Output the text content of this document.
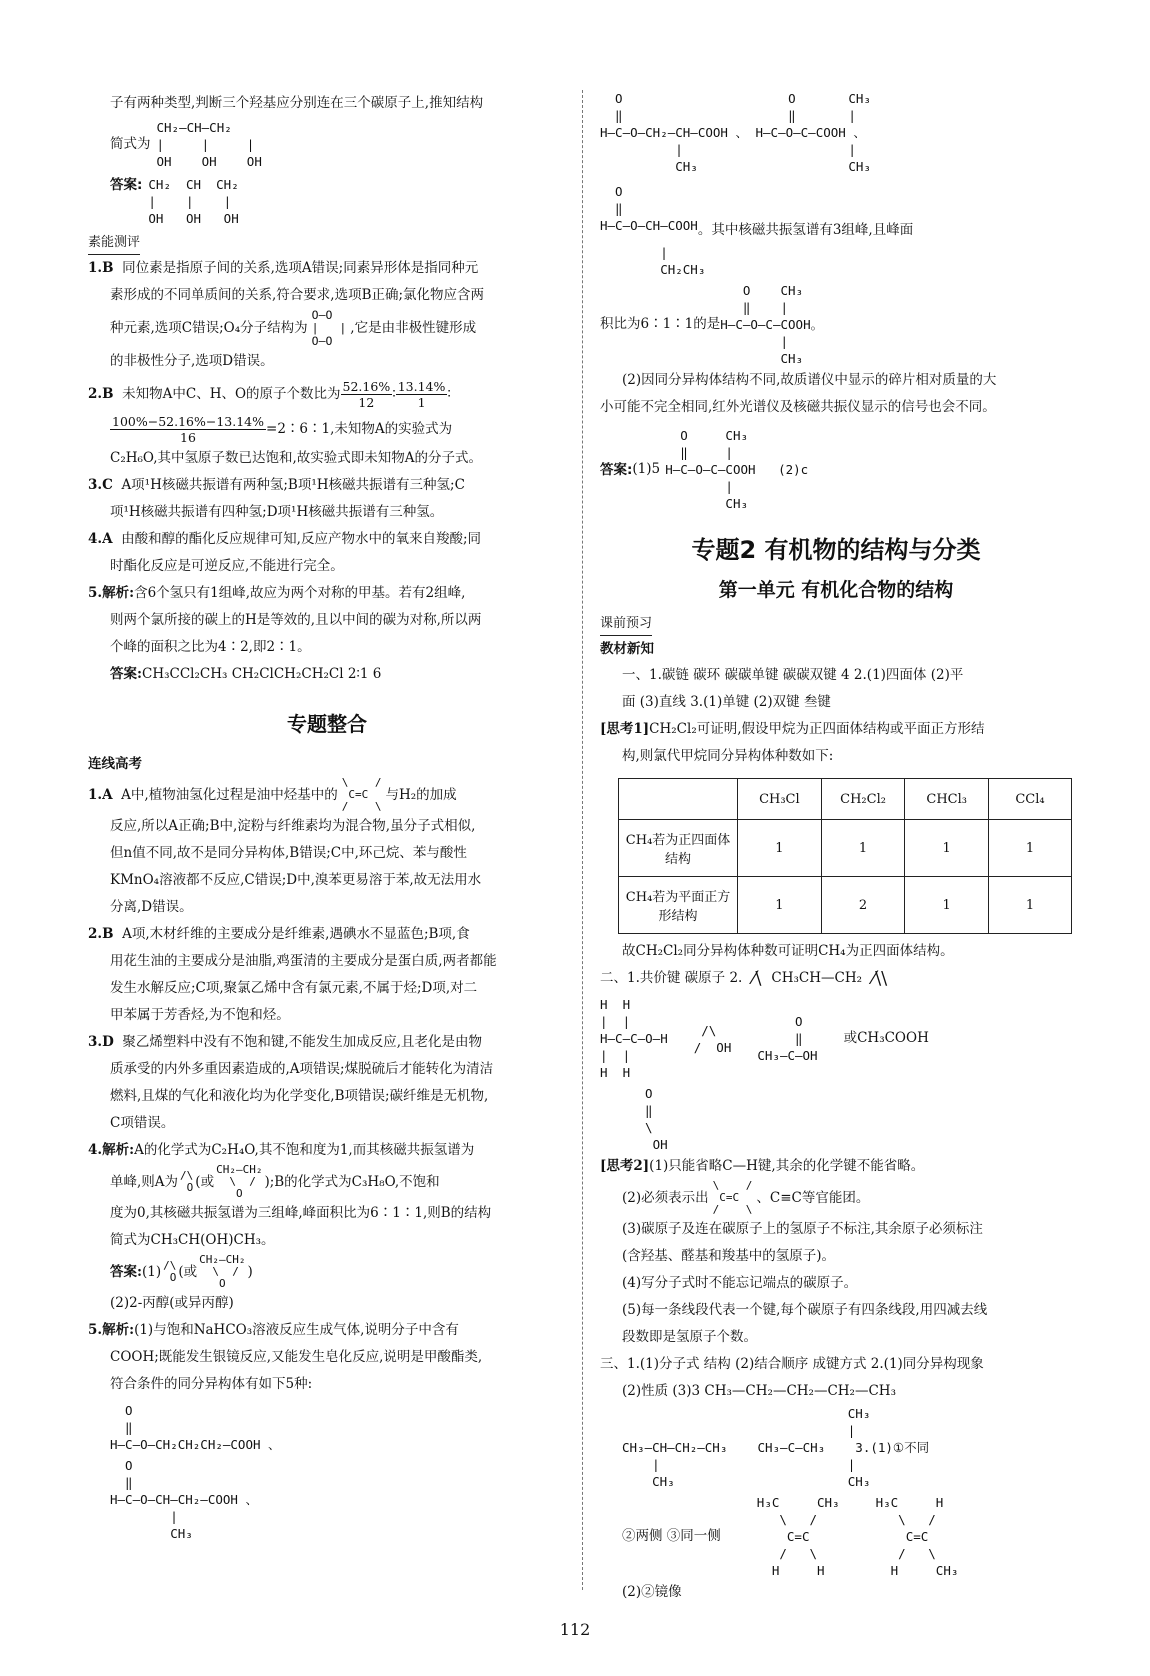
子有两种类型,判断三个羟基应分别连在三个碳原子上,推知结构

简式为
CH₂—CH—CH₂
|     |     |
OH    OH    OH
答案: CH₂  CH  CH₂
|    |    |
OH   OH   OH
素能测评

1.B 同位素是指原子间的关系,选项A错误;同素异形体是指同种元

素形成的不同单质间的关系,符合要求,选项B正确;氯化物应含两

种元素,选项C错误;O₄分子结构为
O—O
|   |
O—O
,它是由非极性键形成

的非极性分子,选项D错误。

2.B
未知物A中C、H、O的原子个数比为 $\frac{52.16\%}{12}$ ∶ $\frac{13.14\%}{1}$ ∶
$\frac{100\%-52.16\%-13.14\%}{16}$ =2∶6∶1,未知物A的实验式为

C₂H₆O,其中氢原子数已达饱和,故实验式即未知物A的分子式。

3.C A项¹H核磁共振谱有两种氢;B项¹H核磁共振谱有三种氢;C

项¹H核磁共振谱有四种氢;D项¹H核磁共振谱有三种氢。

4.A 由酸和醇的酯化反应规律可知,反应产物水中的氧来自羧酸;同

时酯化反应是可逆反应,不能进行完全。

5.解析:含6个氢只有1组峰,故应为两个对称的甲基。若有2组峰,

则两个氯所接的碳上的H是等效的,且以中间的碳为对称,所以两

个峰的面积之比为4∶2,即2∶1。

答案:CH₃CCl₂CH₃ CH₂ClCH₂CH₂Cl 2∶1 6

专题整合
连线高考
1.A
A中,植物油氢化过程是油中烃基中的
\    /
C=C
/    \
与H₂的加成

反应,所以A正确;B中,淀粉与纤维素均为混合物,虽分子式相似,

但n值不同,故不是同分异构体,B错误;C中,环己烷、苯与酸性

KMnO₄溶液都不反应,C错误;D中,溴苯更易溶于苯,故无法用水

分离,D错误。

2.B A项,木材纤维的主要成分是纤维素,遇碘水不显蓝色;B项,食

用花生油的主要成分是油脂,鸡蛋清的主要成分是蛋白质,两者都能

发生水解反应;C项,聚氯乙烯中含有氯元素,不属于烃;D项,对二

甲苯属于芳香烃,为不饱和烃。

3.D 聚乙烯塑料中没有不饱和键,不能发生加成反应,且老化是由物

质承受的内外多重因素造成的,A项错误;煤脱硫后才能转化为清洁

燃料,且煤的气化和液化均为化学变化,B项错误;碳纤维是无机物,

C项错误。

4.解析:A的化学式为C₂H₄O,其不饱和度为1,而其核磁共振氢谱为

单峰,则A为 /\
O (或
CH₂—CH₂
\  /
O
);B的化学式为C₃H₈O,不饱和

度为0,其核磁共振氢谱为三组峰,峰面积比为6∶1∶1,则B的结构

简式为CH₃CH(OH)CH₃。

答案: (1) /\
O (或
CH₂—CH₂
\  /
O
)

(2)2-丙醇(或异丙醇)

5.解析:(1)与饱和NaHCO₃溶液反应生成气体,说明分子中含有

COOH;既能发生银镜反应,又能发生皂化反应,说明是甲酸酯类,

符合条件的同分异构体有如下5种:

O
‖
H—C—O—CH₂CH₂CH₂—COOH 、
O
‖
H—C—O—CH—CH₂—COOH 、
|
CH₃
O                      O       CH₃
‖                      ‖       |
H—C—O—CH₂—CH—COOH 、 H—C—O—C—COOH 、
|                      |
CH₃                    CH₃
O
‖
H—C—O—CH—COOH 。其中核磁共振氢谱有3组峰,且峰面
|
CH₂CH₃
积比为6∶1∶1的是
O    CH₃
‖    |
H—C—O—C—COOH。
|
CH₃

(2)因同分异构体结构不同,故质谱仪中显示的碎片相对质量的大

小可能不完全相同,红外光谱仪及核磁共振仪显示的信号也会不同。

答案: (1)5

O     CH₃
‖     |
H—C—O—C—COOH   (2)c
|
CH₃
专题2 有机物的结构与分类
第一单元 有机化合物的结构
课前预习
教材新知

一、1.碳链 碳环 碳碳单键 碳碳双键 4 2.(1)四面体 (2)平

面 (3)直线 3.(1)单键 (2)双键 叁键

[思考1]CH₂Cl₂可证明,假设甲烷为正四面体结构或平面正方形结

构,则氯代甲烷同分异构体种数如下:

	CH₃Cl	CH₂Cl₂	CHCl₃	CCl₄
CH₄若为正四面体结构	1	1	1	1
CH₄若为平面正方形结构	1	2	1	1

故CH₂Cl₂同分异构体种数可证明CH₄为正四面体结构。

二、1.共价键 碳原子 2. ⁄\ CH₃CH—CH₂ ⁄\\
H  H
|  |
H—C—C—O—H
|  |
H  H
/\
/  OH
O
‖
CH₃—C—OH
或CH₃COOH
O
‖
\
OH

[思考2](1)只能省略C—H键,其余的化学键不能省略。

(2)必须表示出
\    /
C=C
/    \
、C≡C等官能团。

(3)碳原子及连在碳原子上的氢原子不标注,其余原子必须标注

(含羟基、醛基和羧基中的氢原子)。

(4)写分子式时不能忘记端点的碳原子。

(5)每一条线段代表一个键,每个碳原子有四条线段,用四减去线

段数即是氢原子个数。

三、1.(1)分子式 结构 (2)结合顺序 成键方式 2.(1)同分异构现象

(2)性质 (3)3 CH₃—CH₂—CH₂—CH₂—CH₃

CH₃
|
CH₃—CH—CH₂—CH₃    CH₃—C—CH₃    3.(1)①不同
|                         |
CH₃                       CH₃
②两侧 ③同一侧
H₃C     CH₃
\   /
C=C
/   \
H     H
H₃C     H
\   /
C=C
/   \
H     CH₃

(2)②镜像

112
